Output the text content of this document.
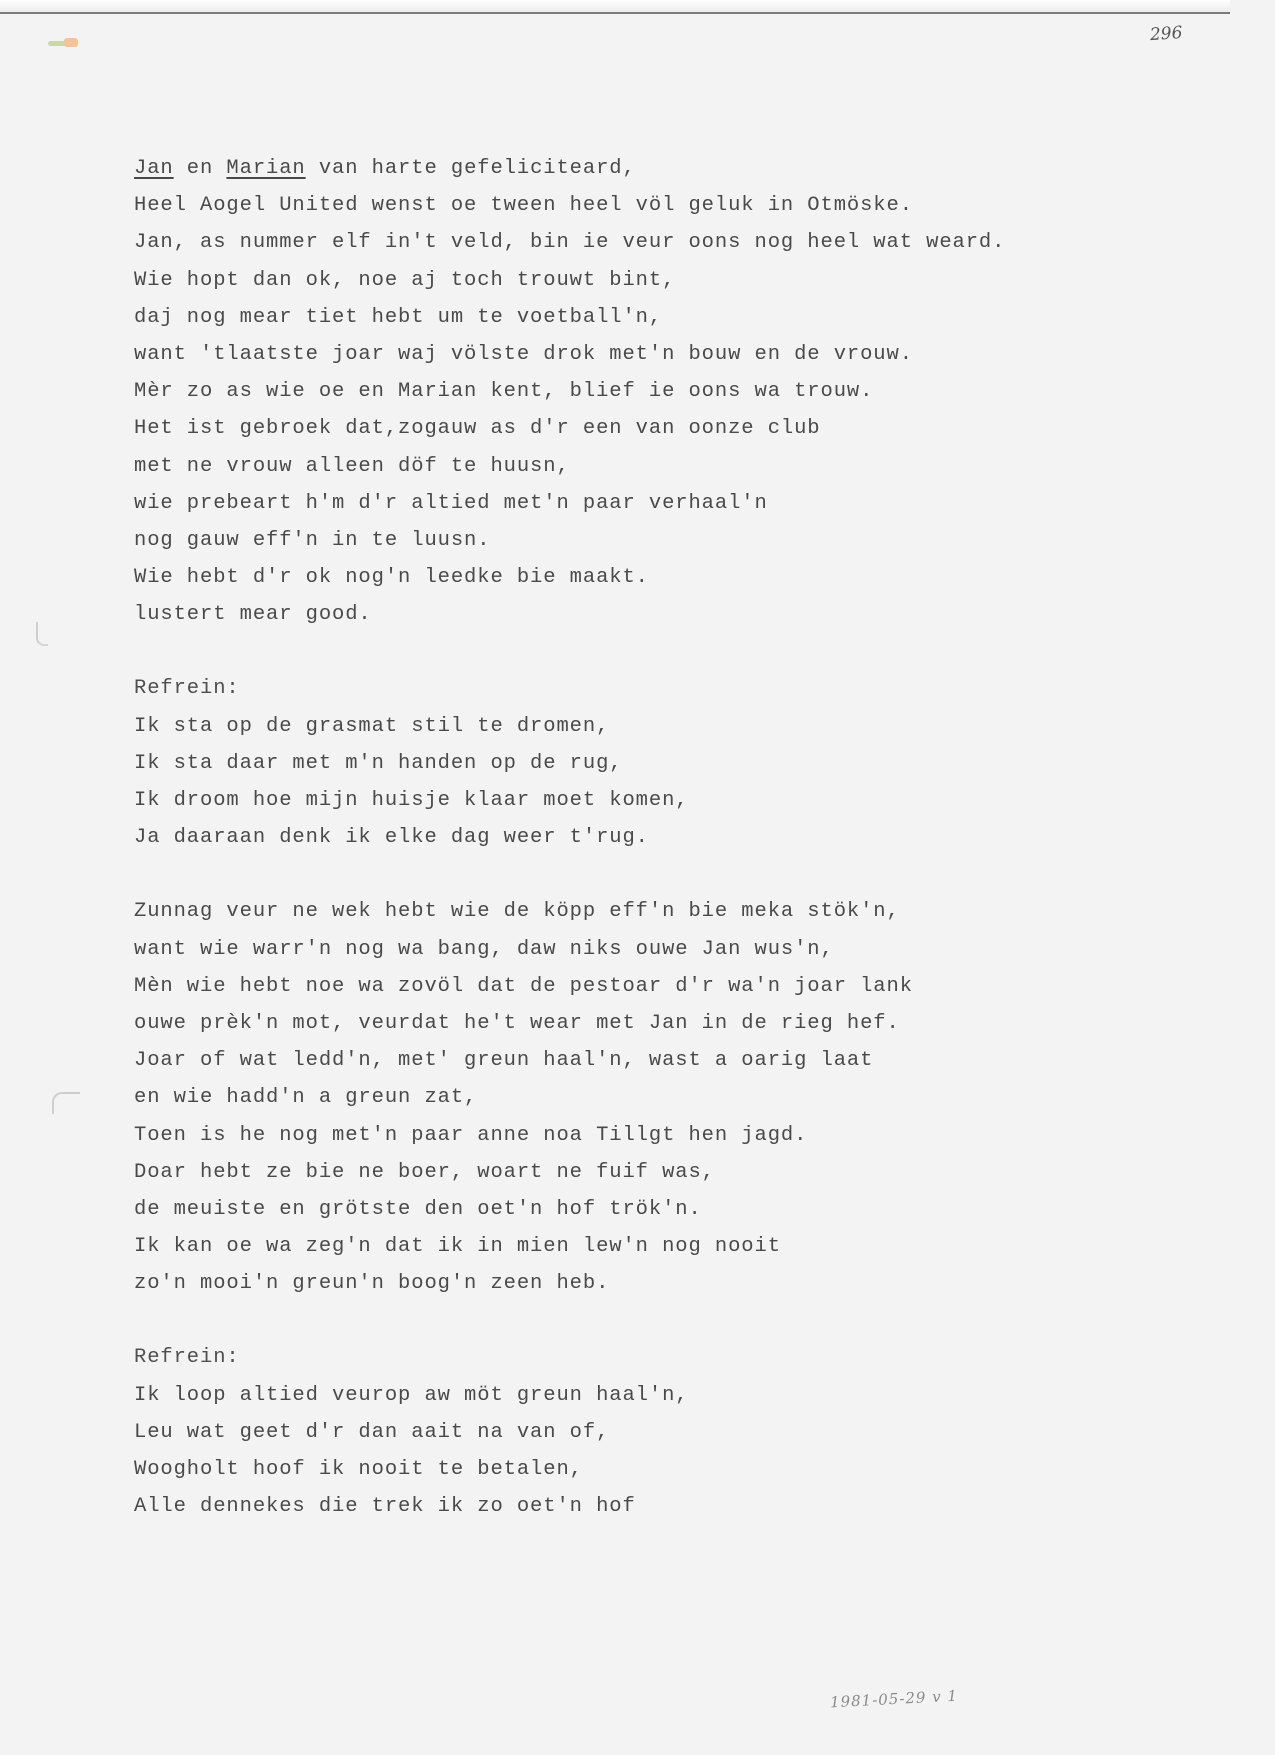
296
Jan en Marian van harte gefeliciteard,
Heel Aogel United wenst oe tween heel völ geluk in Otmöske.
Jan, as nummer elf in't veld, bin ie veur oons nog heel wat weard.
Wie hopt dan ok, noe aj toch trouwt bint,
daj nog mear tiet hebt um te voetball'n,
want 'tlaatste joar waj völste drok met'n bouw en de vrouw.
Mèr zo as wie oe en Marian kent, blief ie oons wa trouw.
Het ist gebroek dat,zogauw as d'r een van oonze club
met ne vrouw alleen döf te huusn,
wie prebeart h'm d'r altied met'n paar verhaal'n
nog gauw eff'n in te luusn.
Wie hebt d'r ok nog'n leedke bie maakt.
lustert mear good.
Refrein:
Ik sta op de grasmat stil te dromen,
Ik sta daar met m'n handen op de rug,
Ik droom hoe mijn huisje klaar moet komen,
Ja daaraan denk ik elke dag weer t'rug.
Zunnag veur ne wek hebt wie de köpp eff'n bie meka stök'n,
want wie warr'n nog wa bang, daw niks ouwe Jan wus'n,
Mèn wie hebt noe wa zovöl dat de pestoar d'r wa'n joar lank
ouwe prèk'n mot, veurdat he't wear met Jan in de rieg hef.
Joar of wat ledd'n, met' greun haal'n, wast a oarig laat
en wie hadd'n a greun zat,
Toen is he nog met'n paar anne noa Tillgt hen jagd.
Doar hebt ze bie ne boer, woart ne fuif was,
de meuiste en grötste den oet'n hof trök'n.
Ik kan oe wa zeg'n dat ik in mien lew'n nog nooit
zo'n mooi'n greun'n boog'n zeen heb.
Refrein:
Ik loop altied veurop aw möt greun haal'n,
Leu wat geet d'r dan aait na van of,
Woogholt hoof ik nooit te betalen,
Alle dennekes die trek ik zo oet'n hof
1981-05-29 v 1
